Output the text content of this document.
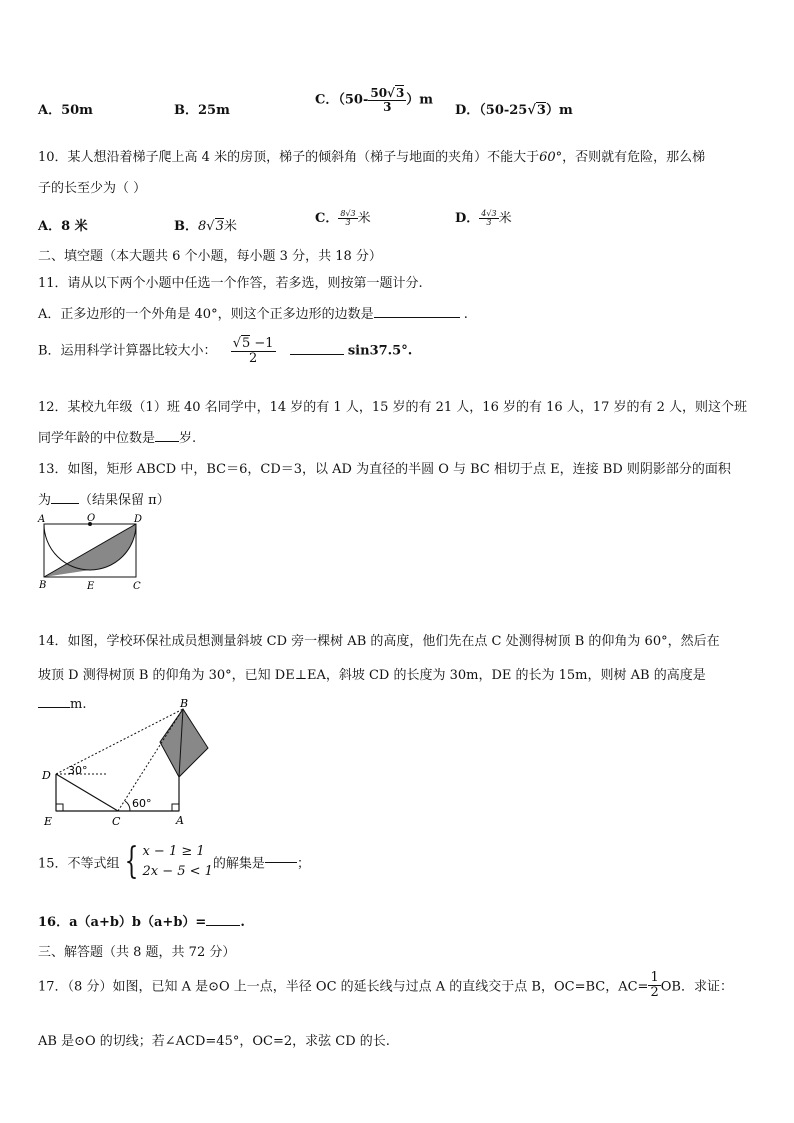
A．50m	B．25m
C．$(50- \frac{50√3}{3} )m$
D．（50-25√3）m
10．某人想沿着梯子爬上高 4 米的房顶，梯子的倾斜角（梯子与地面的夹角）不能大于60°，否则就有危险，那么梯
子的长至少为（ ）
A．8 米	B．8√3米
C． $\frac{8√3}{3}$ 米	D． $\frac{4√3}{3}$ 米
二、填空题（本大题共 6 个小题，每小题 3 分，共 18 分）
11．请从以下两个小题中任选一个作答，若多选，则按第一题计分.
A．正多边形的一个外角是 40°，则这个正多边形的边数是	.
B．运用科学计算器比较大小： $\frac{√5 -1}{2}$	sin37.5°.
12．某校九年级（1）班 40 名同学中，14 岁的有 1 人，15 岁的有 21 人，16 岁的有 16 人，17 岁的有 2 人，则这个班
同学年龄的中位数是 岁.
13．如图，矩形 ABCD 中，BC＝6，CD＝3，以 AD 为直径的半圆 O 与 BC 相切于点 E，连接 BD 则阴影部分的面积
为 （结果保留 π）
A	O	D
B	E	C
14．如图，学校环保社成员想测量斜坡 CD 旁一棵树 AB 的高度，他们先在点 C 处测得树顶 B 的仰角为 60°，然后在
坡顶 D 测得树顶 B 的仰角为 30°，已知 DE⊥EA，斜坡 CD 的长度为 30m，DE 的长为 15m，则树 AB 的高度是
m.	B
D
E	C	A
30°
60°
15．不等式组 { x − 1 ≥ 1
2x − 5 < 1 的解集是 ；
16．a（a+b）b（a+b）=	.
三、解答题（共 8 题，共 72 分）
17．（8 分）如图，已知 A 是⊙O 上一点，半径 OC 的延长线与过点 A 的直线交于点 B，OC=BC，$AC= \frac{1}{2}$ OB．求证：
AB 是⊙O 的切线；若∠ACD=45°，OC=2，求弦 CD 的长.
